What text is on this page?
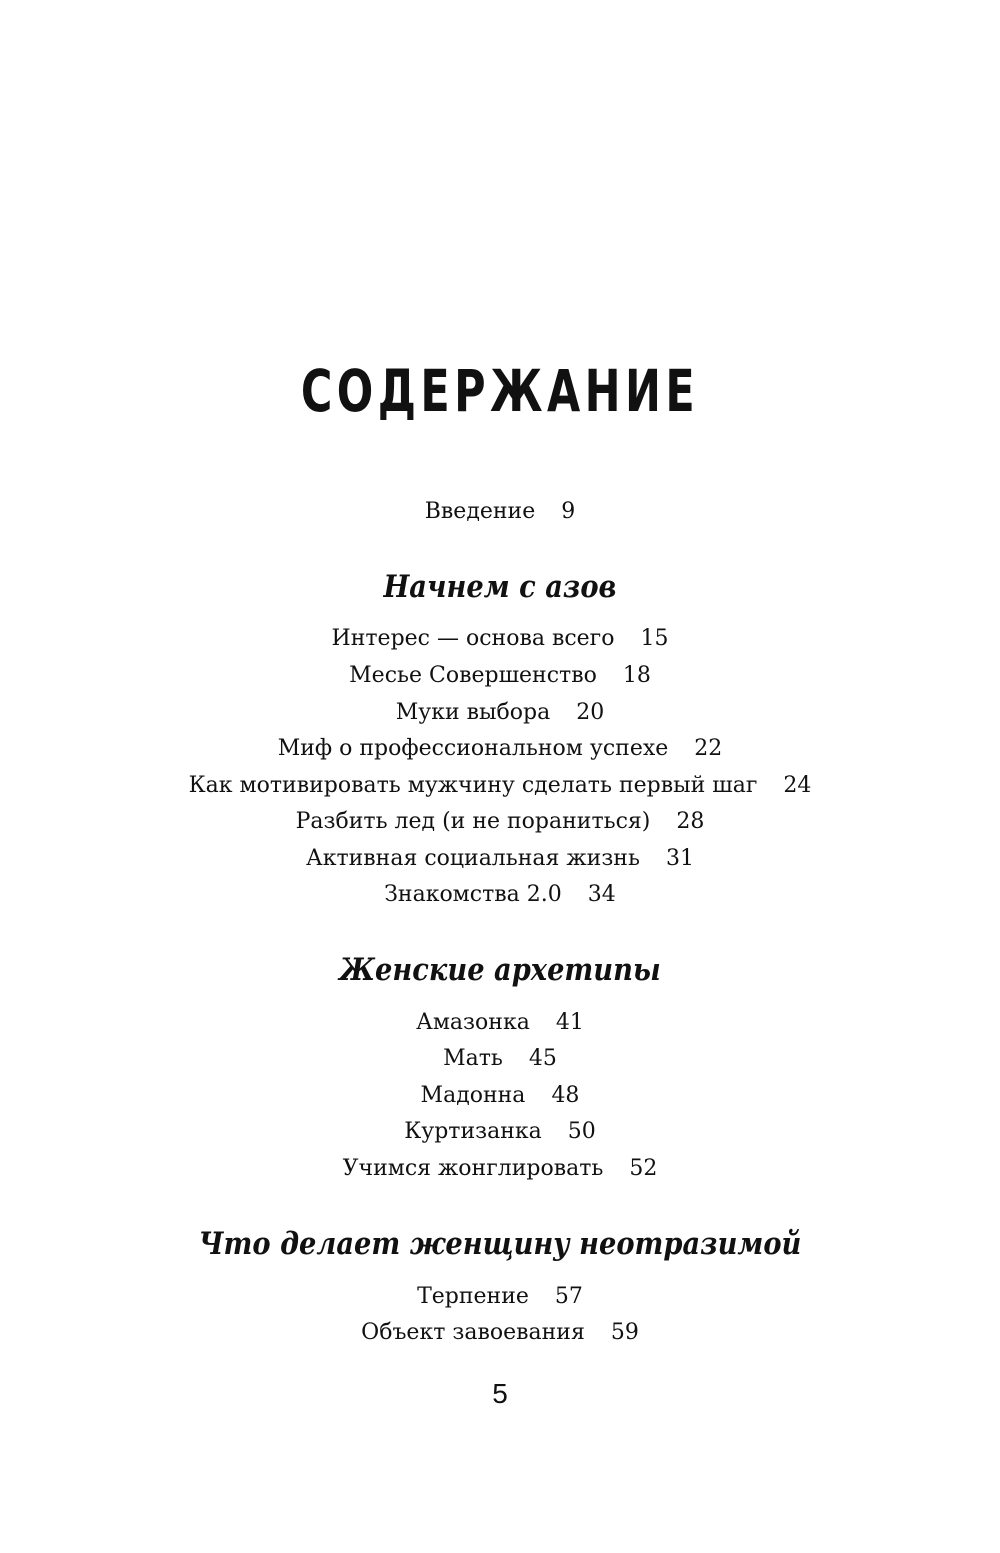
СОДЕРЖАНИЕ
Введение 9
Начнем с азов
Интерес — основа всего 15
Месье Совершенство 18
Муки выбора 20
Миф о профессиональном успехе 22
Как мотивировать мужчину сделать первый шаг 24
Разбить лед (и не пораниться) 28
Активная социальная жизнь 31
Знакомства 2.0 34
Женские архетипы
Амазонка 41
Мать 45
Мадонна 48
Куртизанка 50
Учимся жонглировать 52
Что делает женщину неотразимой
Терпение 57
Объект завоевания 59
5
